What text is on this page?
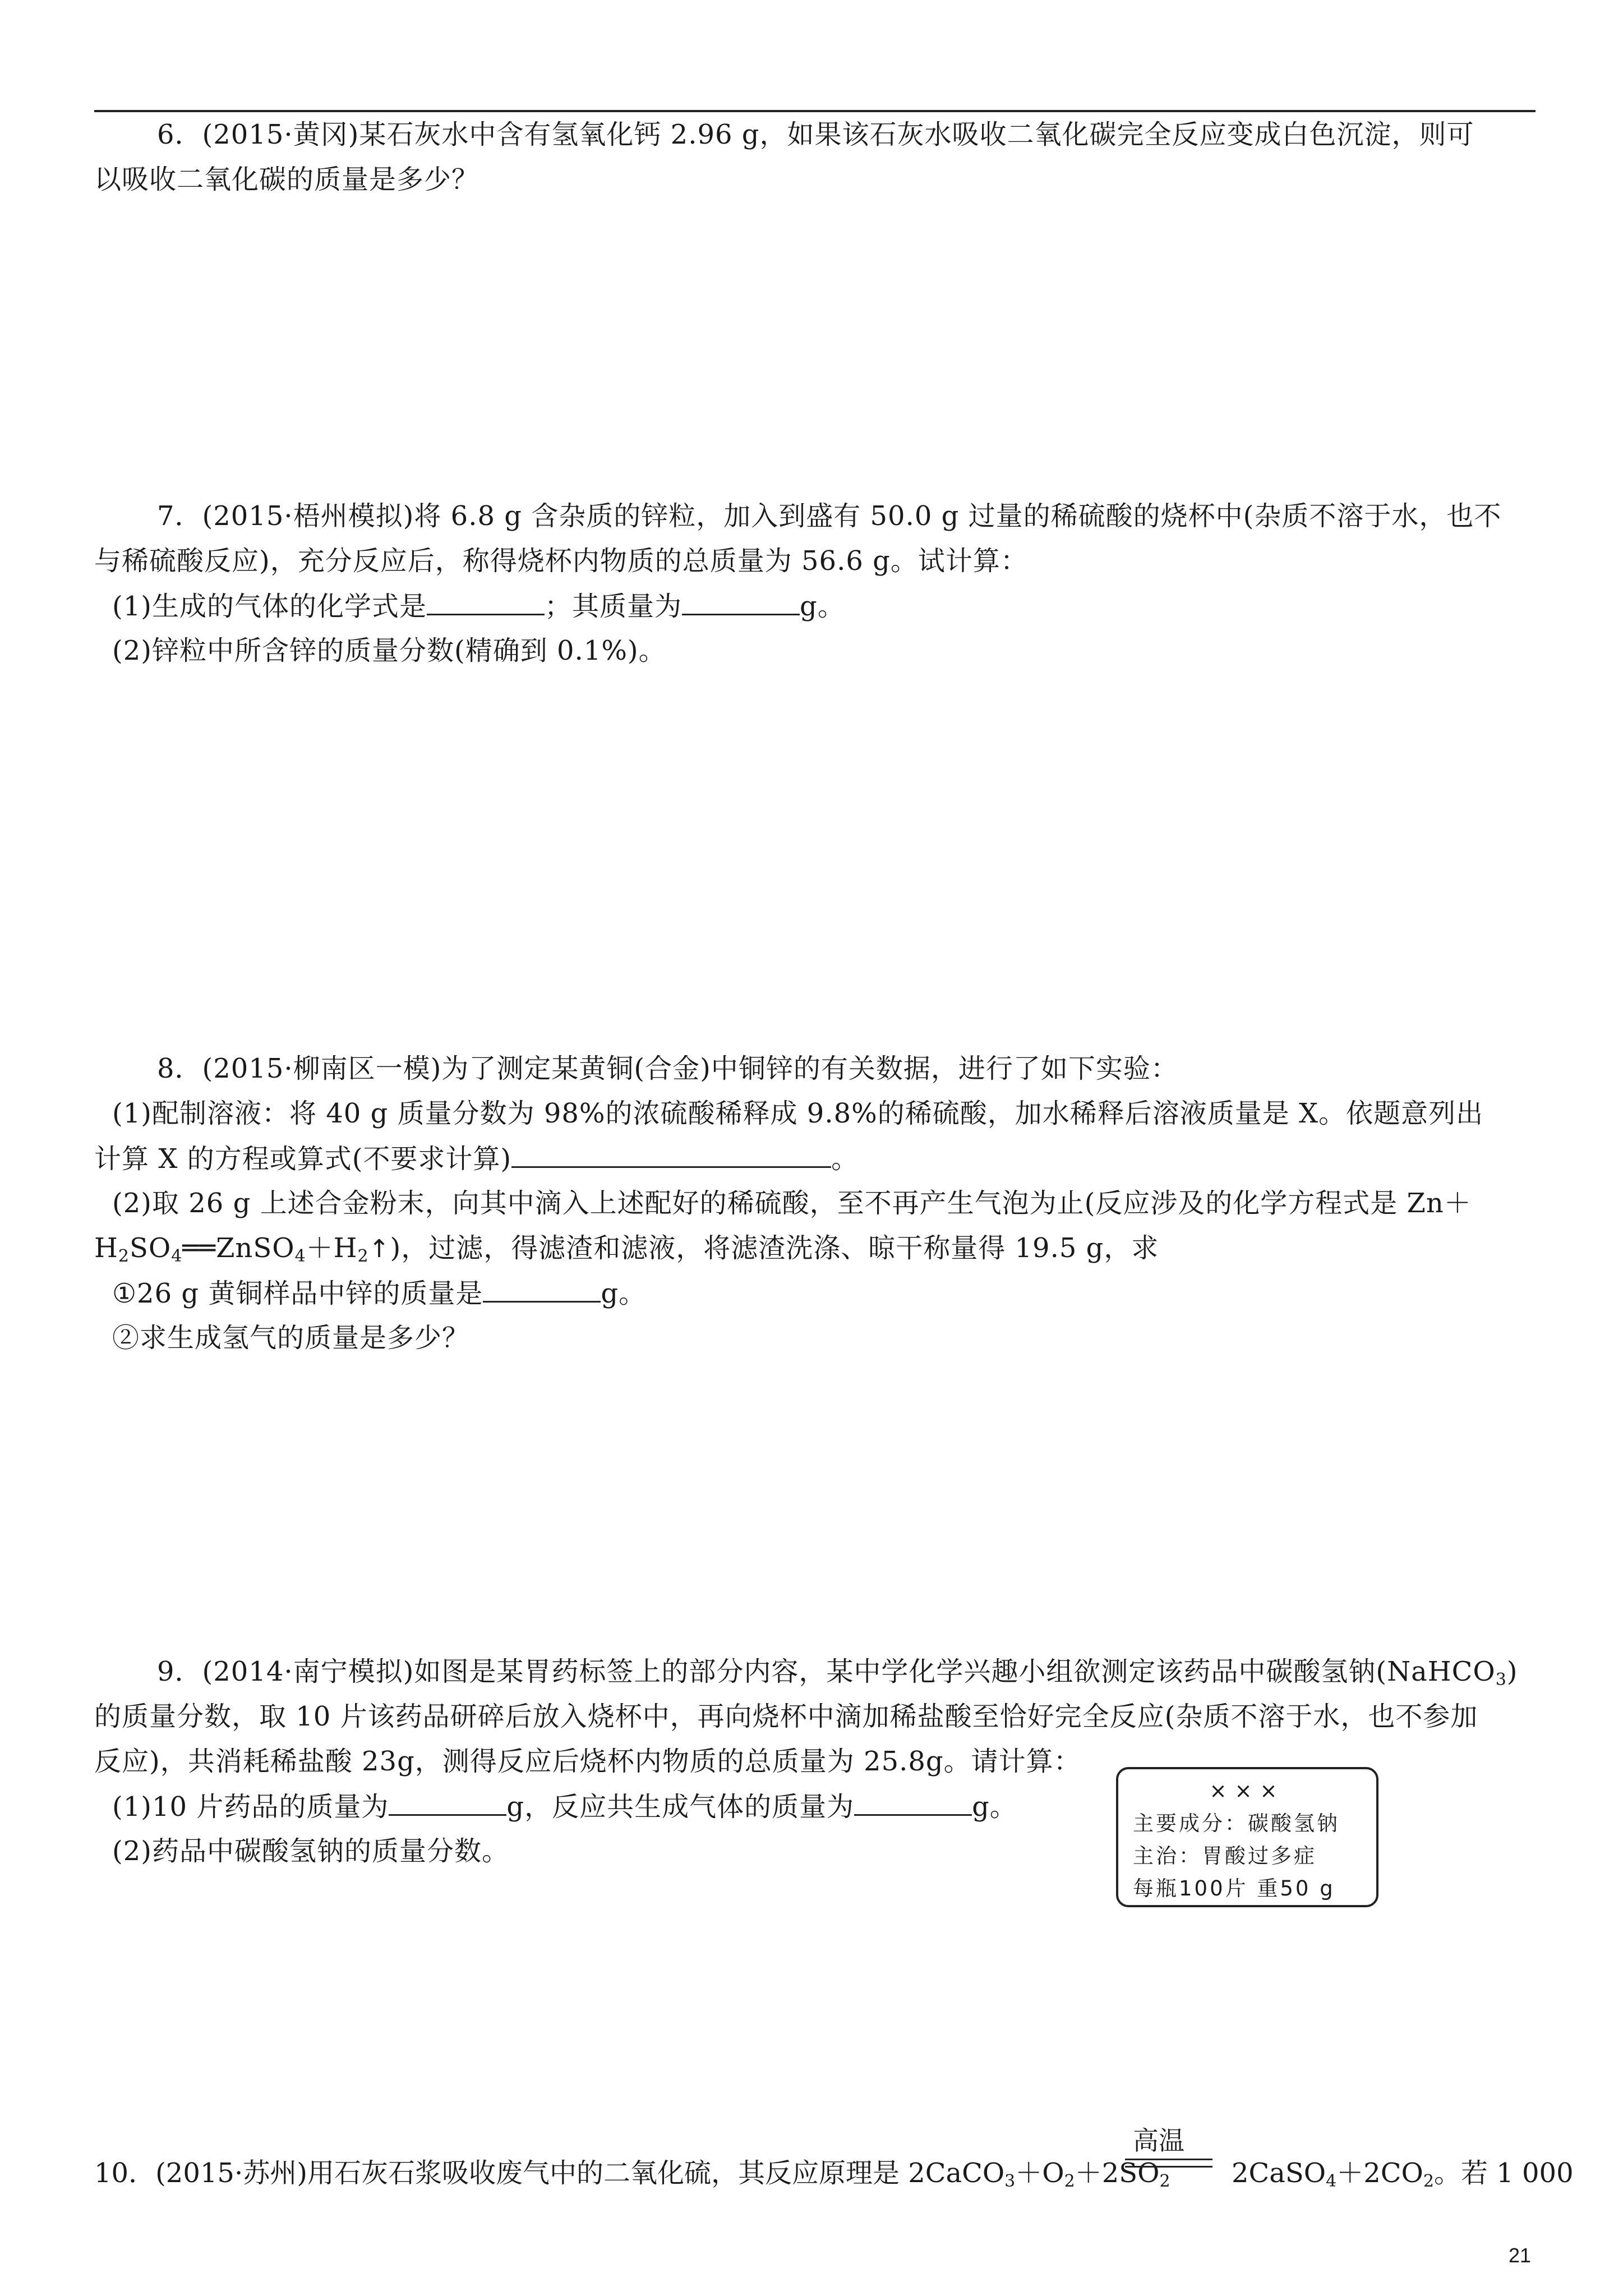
6．(2015·黄冈)某石灰水中含有氢氧化钙 2.96 g，如果该石灰水吸收二氧化碳完全反应变成白色沉淀，则可
以吸收二氧化碳的质量是多少？
7．(2015·梧州模拟)将 6.8 g 含杂质的锌粒，加入到盛有 50.0 g 过量的稀硫酸的烧杯中(杂质不溶于水，也不
与稀硫酸反应)，充分反应后，称得烧杯内物质的总质量为 56.6 g。试计算：
(1)生成的气体的化学式是	；其质量为	g。
(2)锌粒中所含锌的质量分数(精确到 0.1%)。
8．(2015·柳南区一模)为了测定某黄铜(合金)中铜锌的有关数据，进行了如下实验：
(1)配制溶液：将 40 g 质量分数为 98%的浓硫酸稀释成 9.8%的稀硫酸，加水稀释后溶液质量是 X。依题意列出
计算 X 的方程或算式(不要求计算)	。
(2)取 26 g 上述合金粉末，向其中滴入上述配好的稀硫酸，至不再产生气泡为止(反应涉及的化学方程式是 Zn＋
$H_2SO_4══ZnSO_4+H_2↑$)，过滤，得滤渣和滤液，将滤渣洗涤、晾干称量得 19.5 g，求
①26 g 黄铜样品中锌的质量是	g。
②求生成氢气的质量是多少？
9．(2014·南宁模拟)如图是某胃药标签上的部分内容，某中学化学兴趣小组欲测定该药品中碳酸氢钠(NaHCO$_3$)
的质量分数，取 10 片该药品研碎后放入烧杯中，再向烧杯中滴加稀盐酸至恰好完全反应(杂质不溶于水，也不参加
反应)，共消耗稀盐酸 23g，测得反应后烧杯内物质的总质量为 25.8g。请计算：
(1)10 片药品的质量为	g，反应共生成气体的质量为	g。
(2)药品中碳酸氢钠的质量分数。
×××
主要成分：碳酸氢钠
主治：胃酸过多症
每瓶100片 重50 g
10．(2015·苏州)用石灰石浆吸收废气中的二氧化硫，其反应原理是 $2CaCO_3+O_2+2SO_2$
高温
$2CaSO_4+2CO_2$。若 1 000
21
